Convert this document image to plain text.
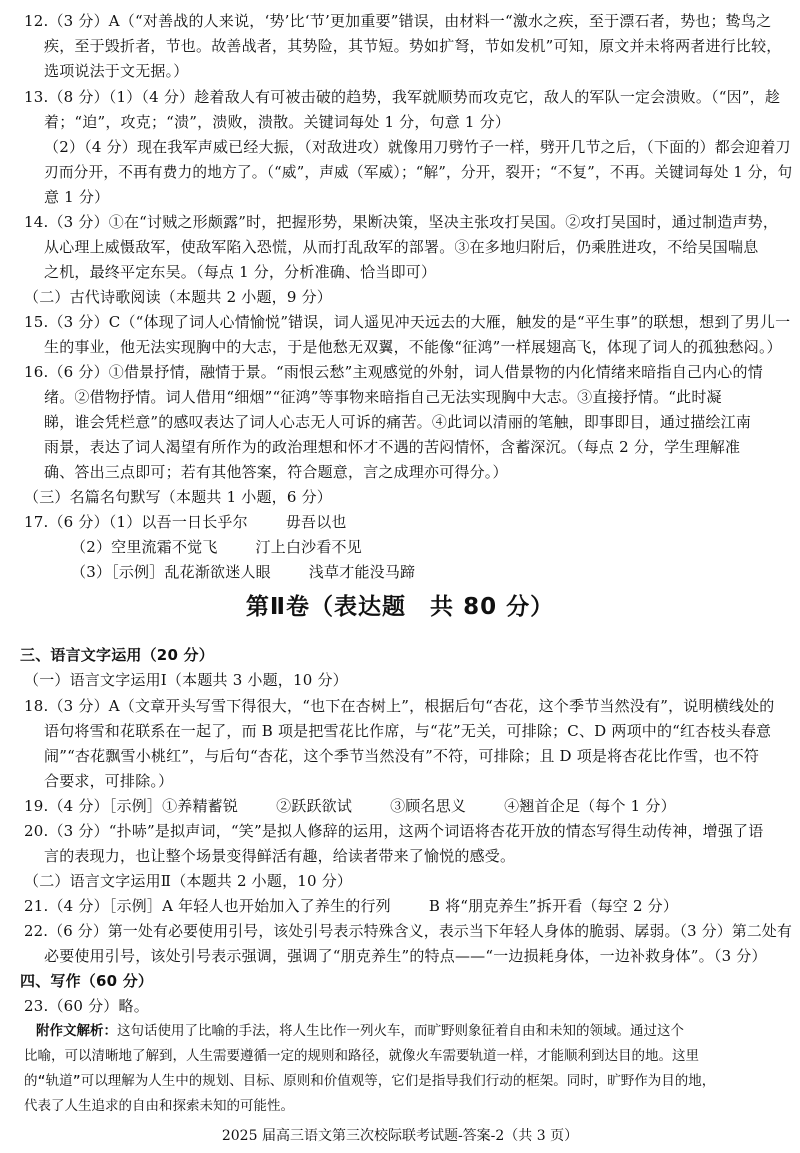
12.（3 分）A（“对善战的人来说，‘势’比‘节’更加重要”错误，由材料一“激水之疾，至于漂石者，势也；鸷鸟之
疾，至于毁折者，节也。故善战者，其势险，其节短。势如扩弩，节如发机”可知，原文并未将两者进行比较，
选项说法于文无据。）
13.（8 分）（1）（4 分）趁着敌人有可被击破的趋势，我军就顺势而攻克它，敌人的军队一定会溃败。（“因”，趁
着；“迫”，攻克；“溃”，溃败，溃散。关键词每处 1 分，句意 1 分）
（2）（4 分）现在我军声威已经大振，（对敌进攻）就像用刀劈竹子一样，劈开几节之后，（下面的）都会迎着刀
刃而分开，不再有费力的地方了。（“威”，声威（军威）；“解”，分开，裂开；“不复”，不再。关键词每处 1 分，句
意 1 分）
14.（3 分）①在“讨贼之形颇露”时，把握形势，果断决策，坚决主张攻打吴国。②攻打吴国时，通过制造声势，
从心理上威慑敌军，使敌军陷入恐慌，从而打乱敌军的部署。③在多地归附后，仍乘胜进攻，不给吴国喘息
之机，最终平定东吴。（每点 1 分，分析准确、恰当即可）
（二）古代诗歌阅读（本题共 2 小题，9 分）
15.（3 分）C（“体现了词人心情愉悦”错误，词人遥见冲天远去的大雁，触发的是“平生事”的联想，想到了男儿一
生的事业，他无法实现胸中的大志，于是他愁无双翼，不能像“征鸿”一样展翅高飞，体现了词人的孤独愁闷。）
16.（6 分）①借景抒情，融情于景。“雨恨云愁”主观感觉的外射，词人借景物的内化情绪来暗指自己内心的情
绪。②借物抒情。词人借用“细烟”“征鸿”等事物来暗指自己无法实现胸中大志。③直接抒情。“此时凝
睇，谁会凭栏意”的感叹表达了词人心志无人可诉的痛苦。④此词以清丽的笔触，即事即目，通过描绘江南
雨景，表达了词人渴望有所作为的政治理想和怀才不遇的苦闷情怀，含蓄深沉。（每点 2 分，学生理解准
确、答出三点即可；若有其他答案，符合题意，言之成理亦可得分。）
（三）名篇名句默写（本题共 1 小题，6 分）
17.（6 分）（1）以吾一日长乎尔	毋吾以也
（2）空里流霜不觉飞	汀上白沙看不见
（3）［示例］乱花渐欲迷人眼	浅草才能没马蹄
第Ⅱ卷（表达题　共 80 分）
三、语言文字运用（20 分）
（一）语言文字运用Ⅰ（本题共 3 小题，10 分）
18.（3 分）A（文章开头写雪下得很大，“也下在杏树上”，根据后句“杏花，这个季节当然没有”，说明横线处的
语句将雪和花联系在一起了，而 B 项是把雪花比作席，与“花”无关，可排除；C、D 两项中的“红杏枝头春意
闹”“杏花飘雪小桃红”，与后句“杏花，这个季节当然没有”不符，可排除；且 D 项是将杏花比作雪，也不符
合要求，可排除。）
19.（4 分）［示例］①养精蓄锐	②跃跃欲试	③顾名思义	④翘首企足（每个 1 分）
20.（3 分）“扑哧”是拟声词，“笑”是拟人修辞的运用，这两个词语将杏花开放的情态写得生动传神，增强了语
言的表现力，也让整个场景变得鲜活有趣，给读者带来了愉悦的感受。
（二）语言文字运用Ⅱ（本题共 2 小题，10 分）
21.（4 分）［示例］A 年轻人也开始加入了养生的行列	B 将“朋克养生”拆开看（每空 2 分）
22.（6 分）第一处有必要使用引号，该处引号表示特殊含义，表示当下年轻人身体的脆弱、孱弱。（3 分）第二处有
必要使用引号，该处引号表示强调，强调了“朋克养生”的特点——“一边损耗身体，一边补救身体”。（3 分）
四、写作（60 分）
23.（60 分）略。
附作文解析：这句话使用了比喻的手法，将人生比作一列火车，而旷野则象征着自由和未知的领域。通过这个
比喻，可以清晰地了解到，人生需要遵循一定的规则和路径，就像火车需要轨道一样，才能顺利到达目的地。这里
的“轨道”可以理解为人生中的规划、目标、原则和价值观等，它们是指导我们行动的框架。同时，旷野作为目的地，
代表了人生追求的自由和探索未知的可能性。
2025 届高三语文第三次校际联考试题-答案-2（共 3 页）
